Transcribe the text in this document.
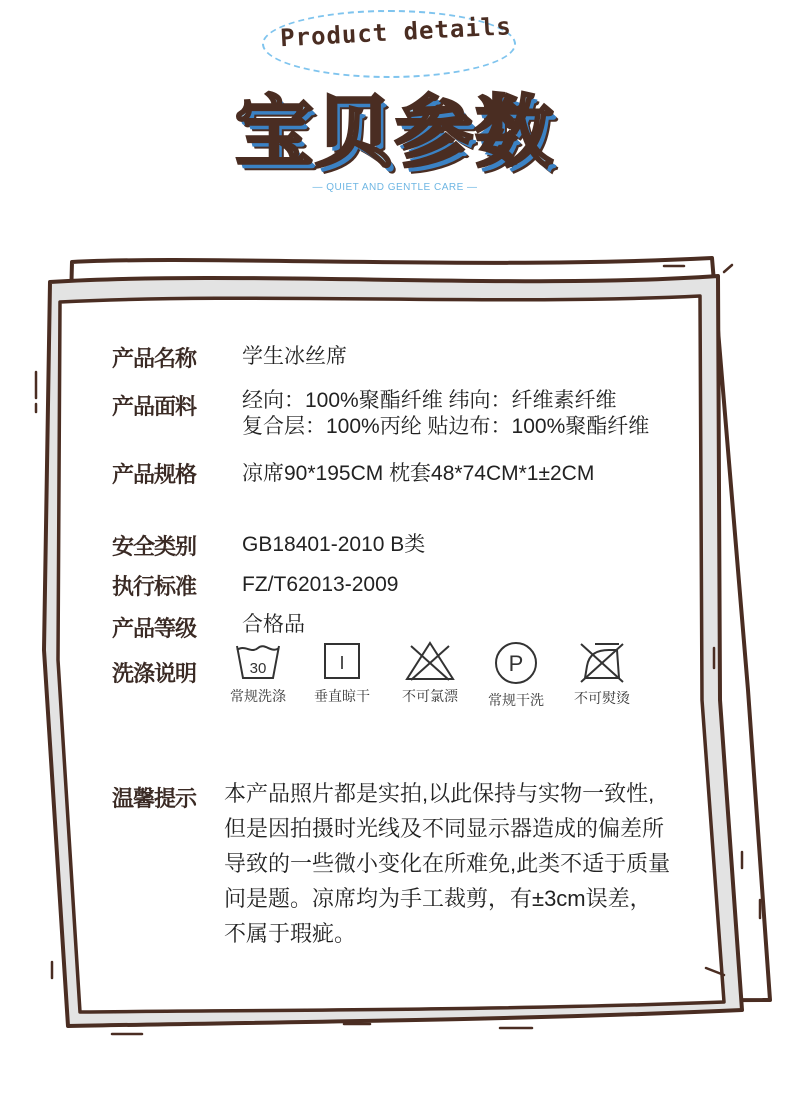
Product details
宝贝参数
— QUIET AND GENTLE CARE —
产品名称 学生冰丝席
产品面料 经向：100%聚酯纤维 纬向：纤维素纤维
复合层：100%丙纶 贴边布：100%聚酯纤维
产品规格 凉席90*195CM 枕套48*74CM*1±2CM
安全类别 GB18401-2010 B类
执行标准 FZ/T62013-2009
产品等级 合格品
洗涤说明	30
常规洗涤
I
垂直晾干	不可氯漂
P
常规干洗	不可熨烫
温馨提示 本产品照片都是实拍,以此保持与实物一致性,
但是因拍摄时光线及不同显示器造成的偏差所
导致的一些微小变化在所难免,此类不适于质量
问是题。凉席均为手工裁剪，有±3cm误差，
不属于瑕疵。
